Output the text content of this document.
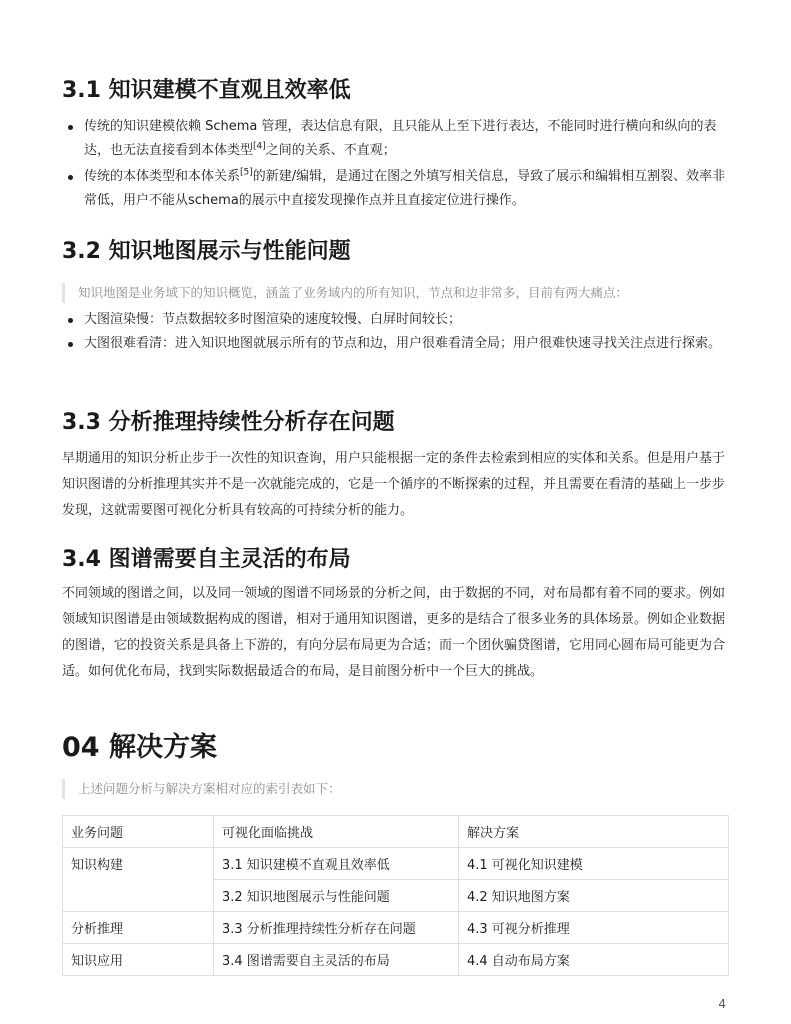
3.1 知识建模不直观且效率低
传统的知识建模依赖 Schema 管理，表达信息有限，且只能从上至下进行表达，不能同时进行横向和纵向的表达，也无法直接看到本体类型[4]之间的关系、不直观；
传统的本体类型和本体关系[5]的新建/编辑，是通过在图之外填写相关信息，导致了展示和编辑相互割裂、效率非常低，用户不能从schema的展示中直接发现操作点并且直接定位进行操作。
3.2 知识地图展示与性能问题
知识地图是业务域下的知识概览，涵盖了业务域内的所有知识，节点和边非常多，目前有两大痛点：
大图渲染慢：节点数据较多时图渲染的速度较慢、白屏时间较长；
大图很难看清：进入知识地图就展示所有的节点和边，用户很难看清全局；用户很难快速寻找关注点进行探索。
3.3 分析推理持续性分析存在问题

早期通用的知识分析止步于一次性的知识查询，用户只能根据一定的条件去检索到相应的实体和关系。但是用户基于知识图谱的分析推理其实并不是一次就能完成的，它是一个循序的不断探索的过程，并且需要在看清的基础上一步步发现，这就需要图可视化分析具有较高的可持续分析的能力。

3.4 图谱需要自主灵活的布局

不同领域的图谱之间，以及同一领域的图谱不同场景的分析之间，由于数据的不同，对布局都有着不同的要求。例如领域知识图谱是由领域数据构成的图谱，相对于通用知识图谱，更多的是结合了很多业务的具体场景。例如企业数据的图谱，它的投资关系是具备上下游的，有向分层布局更为合适；而一个团伙骗贷图谱，它用同心圆布局可能更为合适。如何优化布局，找到实际数据最适合的布局，是目前图分析中一个巨大的挑战。

04 解决方案
上述问题分析与解决方案相对应的索引表如下：
业务问题	可视化面临挑战	解决方案
知识构建	3.1 知识建模不直观且效率低	4.1 可视化知识建模
	3.2 知识地图展示与性能问题	4.2 知识地图方案
分析推理	3.3 分析推理持续性分析存在问题	4.3 可视分析推理
知识应用	3.4 图谱需要自主灵活的布局	4.4 自动布局方案
4
